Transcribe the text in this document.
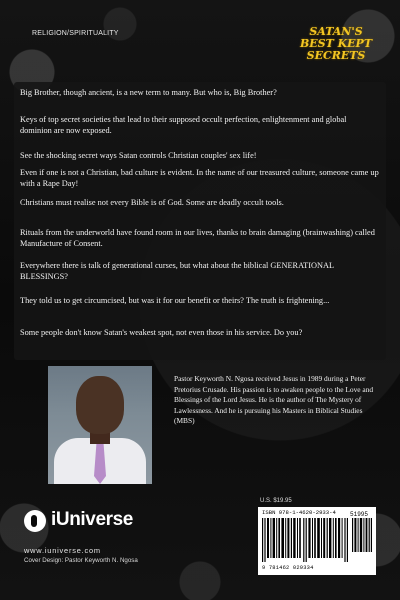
RELIGION/SPIRITUALITY	SATAN'S
BEST KEPT
SECRETS

Big Brother, though ancient, is a new term to many. But who is, Big Brother?

Keys of top secret societies that lead to their supposed occult perfection, enlightenment and global dominion are now exposed.

See the shocking secret ways Satan controls Christian couples' sex life!

Even if one is not a Christian, bad culture is evident. In the name of our treasured culture, someone came up with a Rape Day!

Christians must realise not every Bible is of God. Some are deadly occult tools.

Rituals from the underworld have found room in our lives, thanks to brain damaging (brainwashing) called Manufacture of Consent.

Everywhere there is talk of generational curses, but what about the biblical GENERATIONAL BLESSINGS?

They told us to get circumcised, but was it for our benefit or theirs? The truth is frightening...

Some people don't know Satan's weakest spot, not even those in his service. Do you?

Pastor Keyworth N. Ngosa received Jesus in 1989 during a Peter Pretorius Crusade. His passion is to awaken people to the Love and Blessings of the Lord Jesus. He is the author of The Mystery of Lawlessness. And he is pursuing his Masters in Biblical Studies (MBS)

U.S. $19.95
ISBN 978-1-4620-2933-4	51995
9 781462 029334
iUniverse
www.iuniverse.com
Cover Design: Pastor Keyworth N. Ngosa
